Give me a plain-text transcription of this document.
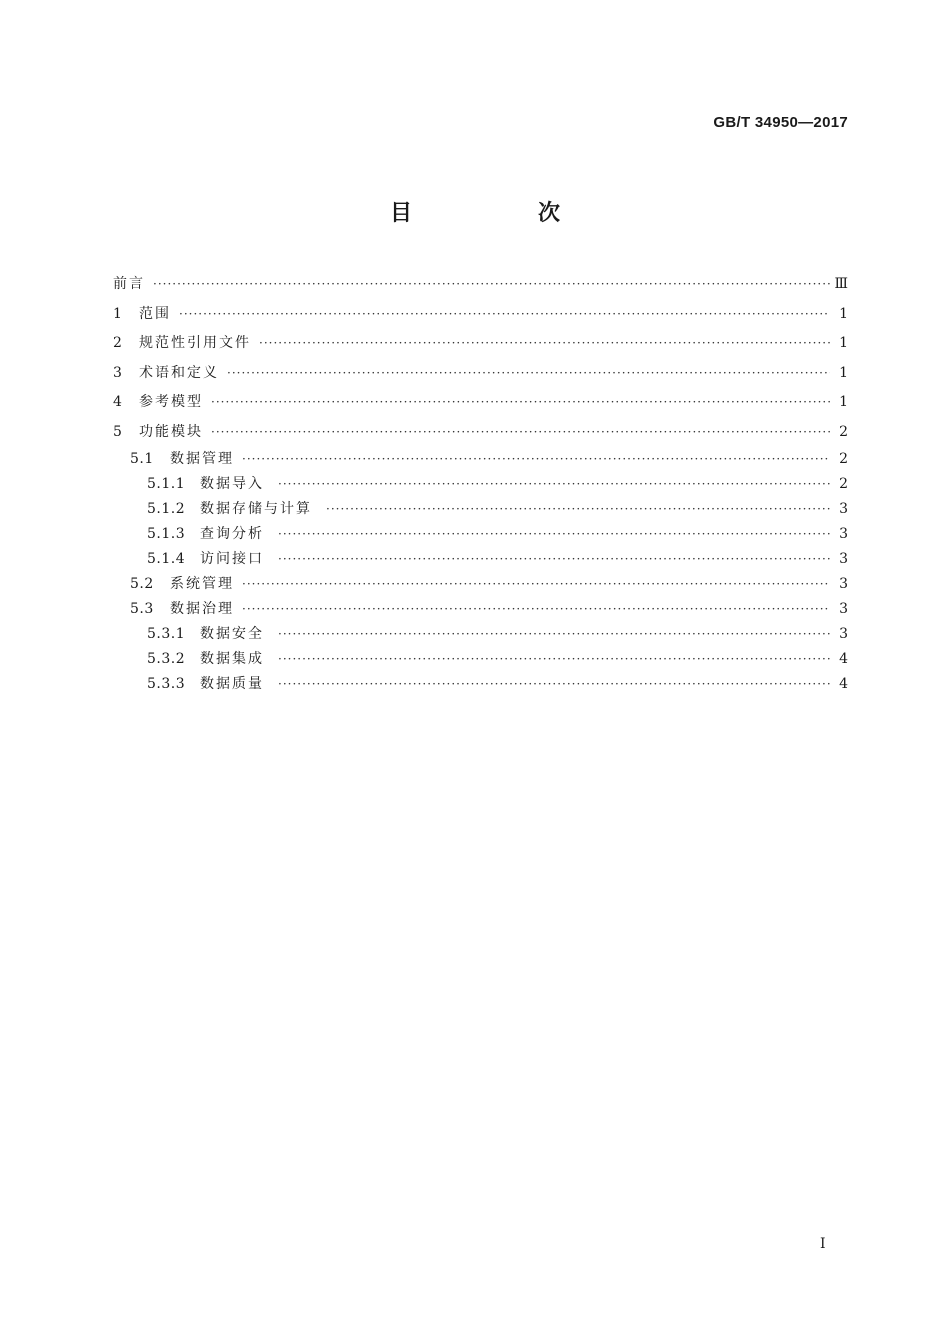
GB/T 34950—2017
目　次
前言 ·····	Ⅲ
1	范围 ·····	1
2	规范性引用文件 ·····	1
3	术语和定义 ·····	1
4	参考模型 ·····	1
5	功能模块 ·····	2
5.1	数据管理 ·····	2
5.1.1	数据导入 ·····	2
5.1.2	数据存储与计算 ·····	3
5.1.3	查询分析 ·····	3
5.1.4	访问接口 ·····	3
5.2	系统管理 ·····	3
5.3	数据治理 ·····	3
5.3.1	数据安全 ·····	3
5.3.2	数据集成 ·····	4
5.3.3	数据质量 ·····	4
I
